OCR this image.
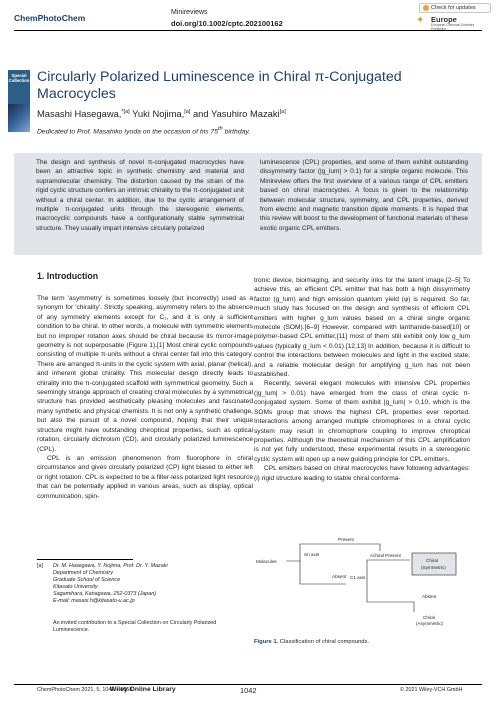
ChemPhotoChem
Minireviews
doi.org/10.1002/cptc.202100162
Check for updates
✦ Europe
European Chemical Societies Publishing
Special Collection Circularly Polarized Luminescence in Chiral π-Conjugated Macrocycles
Masashi Hasegawa,$^{*[a]}$ Yuki Nojima,[a] and Yasuhiro Mazaki[a]
Dedicated to Prof. Masahiko Iyoda on the occasion of his 75th birthday.

The design and synthesis of novel π-conjugated macrocycles have been an attractive topic in synthetic chemistry and material and supramolecular chemistry. The distortion caused by the strain of the rigid cyclic structure confers an intrinsic chirality to the π-conjugated unit without a chiral center. In addition, due to the cyclic arrangement of multiple π-conjugated units through the stereogenic elements, macrocyclic compounds have a configurationally stable symmetrical structure. They usually impart intensive circularly polarized

luminescence (CPL) properties, and some of them exhibit outstanding dissymmetry factor (|g_lum| > 0.1) for a simple organic molecule. This Minireview offers the first overview of a various range of CPL emitters based on chiral macrocycles. A focus is given to the relationship between molecular structure, symmetry, and CPL properties, derived from electric and magnetic transition dipole moments. It is hoped that this review will boost to the development of functional materials of these exotic organic CPL emitters.

1. Introduction

The term 'asymmetry' is sometimes loosely (but incorrectly) used as a synonym for 'chirality'. Strictly speaking, asymmetry refers to the absence of any symmetry elements except for C₁, and it is only a sufficient condition to be chiral. In other words, a molecule with symmetric elements but no improper rotation axes should be chiral because its mirror-image geometry is not superposable (Figure 1).[1] Most chiral cyclic compounds consisting of multiple π-units without a chiral center fall into this category. There are arranged π-units in the cyclic system with axial, planar (helical), and inherent global chirality. This molecular design directly leads to chirality into the π-conjugated scaffold with symmetrical geometry. Such a seemingly strange approach of creating chiral molecules by a symmetrical structure has provided aesthetically pleasing molecules and fascinated many synthetic and physical chemists. It is not only a synthetic challenge, but also the pursuit of a novel compound, hoping that their unique structure might have outstanding chiroptical properties, such as optical rotation, circularly dichroism (CD), and circularly polarized luminescence (CPL).

CPL is an emission phenomenon from fluorophore in chiral circumstance and gives circularly polarized (CP) light biased to either left or right rotation. CPL is expected to be a filter-less polarized light resource that can be potentially applied in various areas, such as display, optical communication, spin-

tronic device, bioimaging, and security inks for the latent image.[2–5] To achieve this, an efficient CPL emitter that has both a high dissymmetry factor (g_lum) and high emission quantum yield (φ) is required. So far, much study has focused on the design and synthesis of efficient CPL emitters with higher g_lum values based on a chiral single organic molecule (SOM).[6–9] However, compared with lanthanide-based[10] or polymer-based CPL emitter,[11] most of them still exhibit only low g_lum values (typically g_lum < 0.01).[12,13] In addition, because it is difficult to control the interactions between molecules and light in the excited state, and a reliable molecular design for amplifying g_lum has not been established.

Recently, several elegant molecules with intensive CPL properties (|g_lum| > 0.01) have emerged from the class of chiral cyclic π-conjugated system. Some of them exhibit |g_lum| > 0.10, which is the SOMs group that shows the highest CPL properties ever reported. Interactions among arranged multiple chromophores in a chiral cyclic system may result in chromophore coupling to improve chiroptical properties. Although the theoretical mechanism of this CPL amplification is not yet fully understood, these experimental results in a stereogenic cyclic system will open up a new guiding principle for CPL emitters.

CPL emitters based on chiral macrocycles have following advantages: (i) rigid structure leading to stable chiral conforma-

[a] Dr. M. Hasegawa, Y. Nojima, Prof. Dr. Y. Mazaki
Department of Chemistry
Graduate School of Science
Kitasato University
Sagamihara, Kanagawa, 252-0373 (Japan)
E-mail: masasi.h@kitasato-u.ac.jp
An invited contribution to a Special Collection on Circularly Polarized Luminescence.
Molecules
Sn axis
Present
Achiral
Absent C1 axis
Present
Chiral
(Symmetric)
Absent
Chiral
(Asymmetric)
Figure 1. Classification of chiral compounds.
ChemPhotoChem 2021, 5, 1042 – 1058
Wiley Online Library	1042	© 2021 Wiley-VCH GmbH
